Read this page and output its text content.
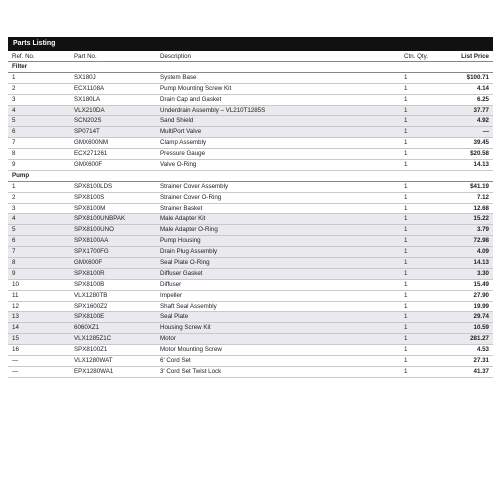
Parts Listing
Ref. No.	Part No.	Description	Ctn. Qty.	List Price
Filter
1	SX180J	System Base	1	$100.71
2	ECX1108A	Pump Mounting Screw Kit	1	4.14
3	SX180LA	Drain Cap and Gasket	1	6.25
4	VLX210DA	Underdrain Assembly – VL210T1285S	1	37.77
5	SCN202S	Sand Shield	1	4.92
6	SP0714T	MultiPort Valve	1	—
7	GMX600NM	Clamp Assembly	1	39.45
8	ECX271261	Pressure Gauge	1	$20.58
9	GMX600F	Valve O-Ring	1	14.13
Pump
1	SPX8100LDS	Strainer Cover Assembly	1	$41.19
2	SPX8100S	Strainer Cover O-Ring	1	7.12
3	SPX8100M	Strainer Basket	1	12.68
4	SPX8100UNBPAK	Male Adapter Kit	1	15.22
5	SPX8100UNO	Male Adapter O-Ring	1	3.79
6	SPX8100AA	Pump Housing	1	72.98
7	SPX1700FG	Drain Plug Assembly	1	4.09
8	GMX600F	Seal Plate O-Ring	1	14.13
9	SPX8100R	Diffuser Gasket	1	3.30
10	SPX8100B	Diffuser	1	15.49
11	VLX1280TB	Impeller	1	27.90
12	SPX1600Z2	Shaft Seal Assembly	1	19.99
13	SPX8100E	Seal Plate	1	29.74
14	6060XZ1	Housing Screw Kit	1	10.59
15	VLX1285Z1C	Motor	1	281.27
16	SPX8100Z1	Motor Mounting Screw	1	4.53
—	VLX1280WAT	6' Cord Set	1	27.31
—	EPX1280WA1	3' Cord Set Twist Lock	1	41.37
